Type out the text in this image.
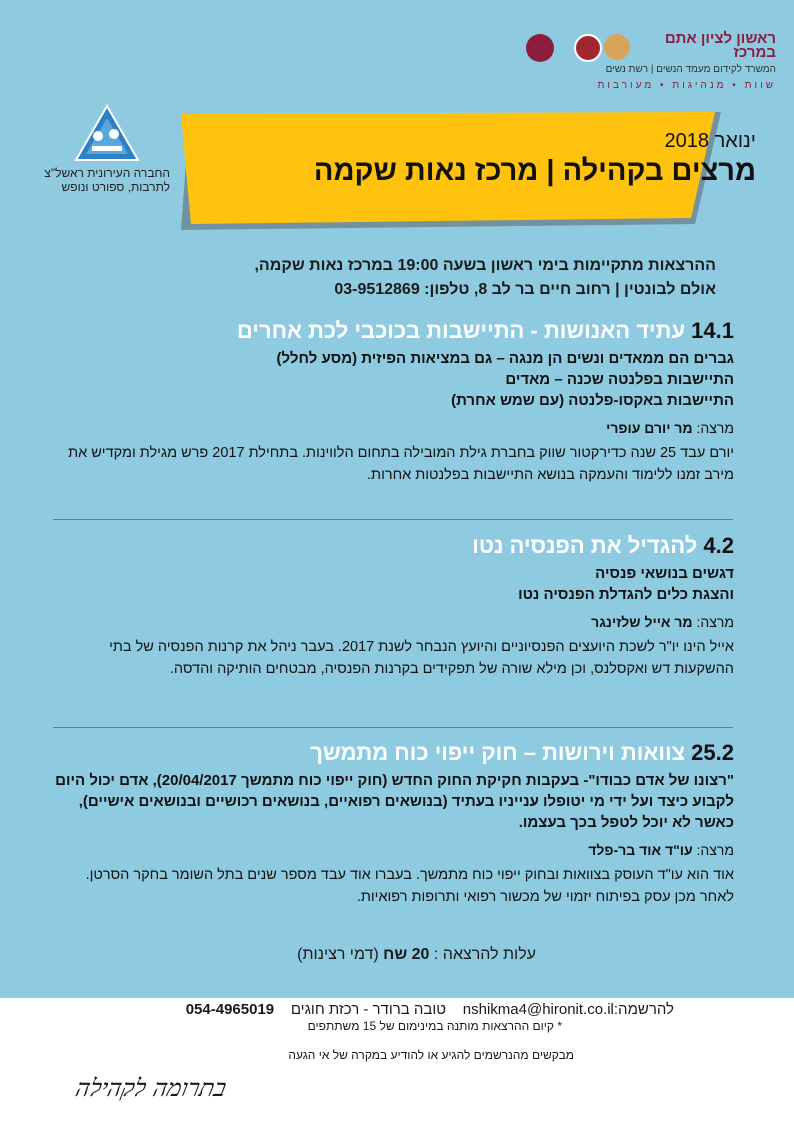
ראשון לציון אתם במרכז
המשרד לקידום מעמד הנשים | רשת נשים
שוות • מנהיגות • מעורבות
החברה העירונית ראשל"צ
לתרבות, ספורט ונופש
ינואר 2018
מרצים בקהילה | מרכז נאות שקמה
ההרצאות מתקיימות בימי ראשון בשעה 19:00 במרכז נאות שקמה,
אולם לבונטין | רחוב חיים בר לב 8, טלפון: 03-9512869
14.1 עתיד האנושות - התיישבות בכוכבי לכת אחרים
גברים הם ממאדים ונשים הן מנגה – גם במציאות הפיזית (מסע לחלל)
התיישבות בפלנטה שכנה – מאדים
התיישבות באקסו-פלנטה (עם שמש אחרת)
מרצה: מר יורם עופרי
יורם עבד 25 שנה כדירקטור שווק בחברת גילת המובילה בתחום הלווינות. בתחילת 2017 פרש מגילת ומקדיש את מירב זמנו ללימוד והעמקה בנושא התיישבות בפלנטות אחרות.
4.2 להגדיל את הפנסיה נטו
דגשים בנושאי פנסיה
והצגת כלים להגדלת הפנסיה נטו
מרצה: מר אייל שלזינגר
אייל הינו יו"ר לשכת היועצים הפנסיוניים והיועץ הנבחר לשנת 2017. בעבר ניהל את קרנות הפנסיה של בתי ההשקעות דש ואקסלנס, וכן מילא שורה של תפקידים בקרנות הפנסיה, מבטחים הותיקה והדסה.
25.2 צוואות וירושות – חוק ייפוי כוח מתמשך
"רצונו של אדם כבודו"- בעקבות חקיקת החוק החדש (חוק ייפוי כוח מתמשך 20/04/2017), אדם יכול היום לקבוע כיצד ועל ידי מי יטופלו ענייניו בעתיד (בנושאים רפואיים, בנושאים רכושיים ובנושאים אישיים), כאשר לא יוכל לטפל בכך בעצמו.
מרצה: עו"ד אוד בר-פלד
אוד הוא עו"ד העוסק בצוואות ובחוק ייפוי כוח מתמשך. בעברו אוד עבד מספר שנים בתל השומר בחקר הסרטן. לאחר מכן עסק בפיתוח יזמוי של מכשור רפואי ותרופות רפואיות.
עלות להרצאה : 20 שח (דמי רצינות)
להרשמה:nshikma4@hironit.co.il    טובה ברודר - רכזת חוגים    054-4965019
* קיום ההרצאות מותנה במינימום של 15 משתתפים
מבקשים מהנרשמים להגיע או להודיע במקרה של אי הגעה
בתרומה לקהילה
